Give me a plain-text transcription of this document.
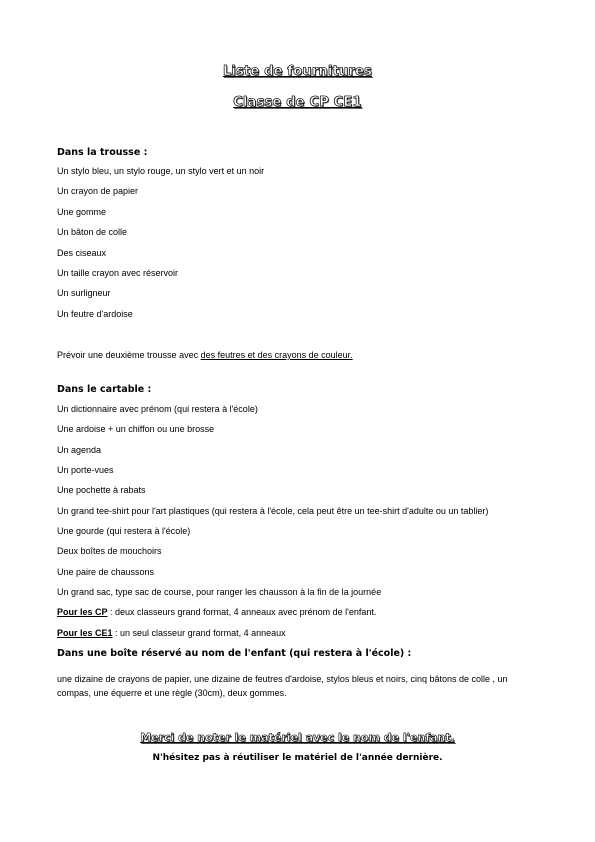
Liste de fournitures
Classe de CP CE1
Dans la trousse :
Un stylo bleu, un stylo rouge, un stylo vert et un noir
Un crayon de papier
Une gomme
Un bâton de colle
Des ciseaux
Un taille crayon avec réservoir
Un surligneur
Un feutre d'ardoise
Prévoir une deuxième trousse avec des feutres et des crayons de couleur.
Dans le cartable :
Un dictionnaire avec prénom (qui restera à l'école)
Une ardoise + un chiffon ou une brosse
Un agenda
Un porte-vues
Une pochette à rabats
Un grand tee-shirt pour l'art plastiques (qui restera à l'école, cela peut être un tee-shirt d'adulte ou un tablier)
Une gourde (qui restera à l'école)
Deux boîtes de mouchoirs
Une paire de chaussons
Un grand sac, type sac de course, pour ranger les chausson à la fin de la journée
Pour les CP : deux classeurs grand format, 4 anneaux avec prénom de l'enfant.
Pour les CE1 : un seul classeur grand format, 4 anneaux
Dans une boîte réservé au nom de l'enfant (qui restera à l'école) :
une dizaine de crayons de papier, une dizaine de feutres d'ardoise, stylos bleus et noirs, cinq bâtons de colle , un compas, une équerre et une règle (30cm), deux gommes.
Merci de noter le matériel avec le nom de l'enfant.
N'hésitez pas à réutiliser le matériel de l'année dernière.
